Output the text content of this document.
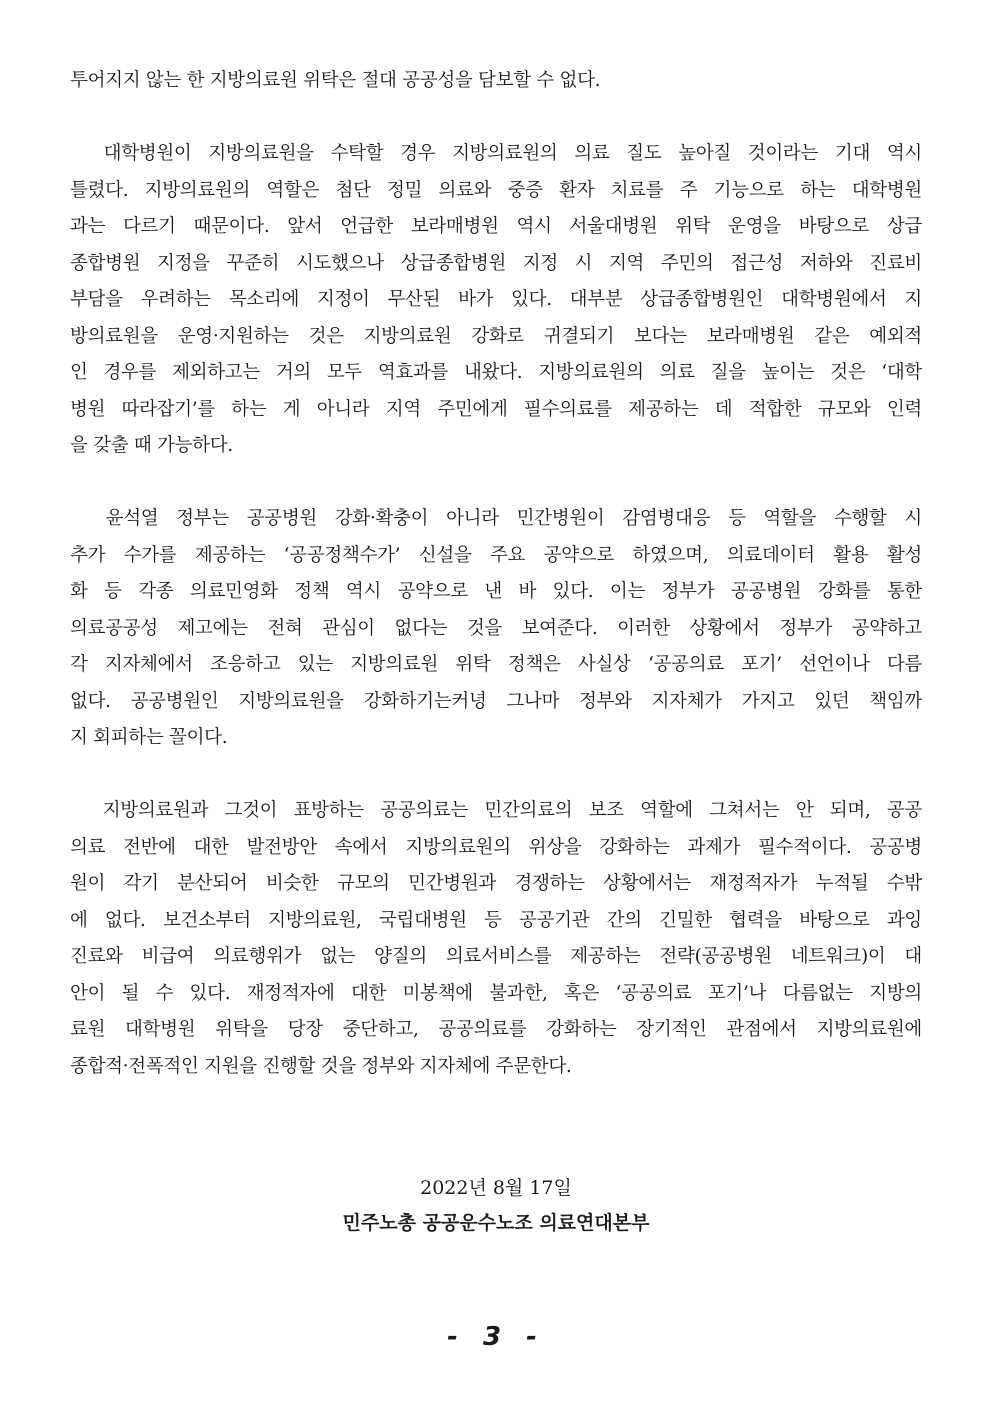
투어지지 않는 한 지방의료원 위탁은 절대 공공성을 담보할 수 없다.
대학병원이 지방의료원을 수탁할 경우 지방의료원의 의료 질도 높아질 것이라는 기대 역시
틀렸다. 지방의료원의 역할은 첨단 정밀 의료와 중증 환자 치료를 주 기능으로 하는 대학병원
과는 다르기 때문이다. 앞서 언급한 보라매병원 역시 서울대병원 위탁 운영을 바탕으로 상급
종합병원 지정을 꾸준히 시도했으나 상급종합병원 지정 시 지역 주민의 접근성 저하와 진료비
부담을 우려하는 목소리에 지정이 무산된 바가 있다. 대부분 상급종합병원인 대학병원에서 지
방의료원을 운영·지원하는 것은 지방의료원 강화로 귀결되기 보다는 보라매병원 같은 예외적
인 경우를 제외하고는 거의 모두 역효과를 내왔다. 지방의료원의 의료 질을 높이는 것은 ‘대학
병원 따라잡기’를 하는 게 아니라 지역 주민에게 필수의료를 제공하는 데 적합한 규모와 인력
을 갖출 때 가능하다.
윤석열 정부는 공공병원 강화·확충이 아니라 민간병원이 감염병대응 등 역할을 수행할 시
추가 수가를 제공하는 ‘공공정책수가’ 신설을 주요 공약으로 하였으며, 의료데이터 활용 활성
화 등 각종 의료민영화 정책 역시 공약으로 낸 바 있다. 이는 정부가 공공병원 강화를 통한
의료공공성 제고에는 전혀 관심이 없다는 것을 보여준다. 이러한 상황에서 정부가 공약하고
각 지자체에서 조응하고 있는 지방의료원 위탁 정책은 사실상 ‘공공의료 포기’ 선언이나 다름
없다. 공공병원인 지방의료원을 강화하기는커녕 그나마 정부와 지자체가 가지고 있던 책임까
지 회피하는 꼴이다.
지방의료원과 그것이 표방하는 공공의료는 민간의료의 보조 역할에 그쳐서는 안 되며, 공공
의료 전반에 대한 발전방안 속에서 지방의료원의 위상을 강화하는 과제가 필수적이다. 공공병
원이 각기 분산되어 비슷한 규모의 민간병원과 경쟁하는 상황에서는 재정적자가 누적될 수밖
에 없다. 보건소부터 지방의료원, 국립대병원 등 공공기관 간의 긴밀한 협력을 바탕으로 과잉
진료와 비급여 의료행위가 없는 양질의 의료서비스를 제공하는 전략(공공병원 네트워크)이 대
안이 될 수 있다. 재정적자에 대한 미봉책에 불과한, 혹은 ‘공공의료 포기’나 다름없는 지방의
료원 대학병원 위탁을 당장 중단하고, 공공의료를 강화하는 장기적인 관점에서 지방의료원에
종합적·전폭적인 지원을 진행할 것을 정부와 지자체에 주문한다.
2022년 8월 17일
민주노총 공공운수노조 의료연대본부
- 3 -
